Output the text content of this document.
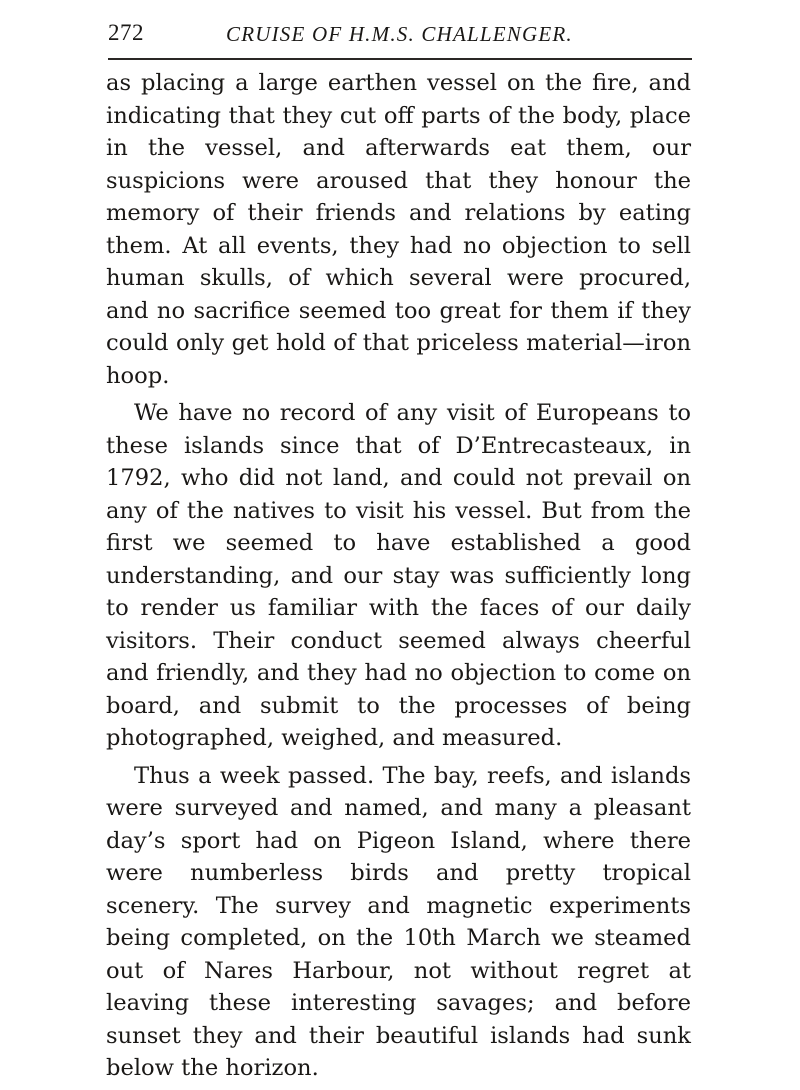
272	CRUISE OF H.M.S. CHALLENGER.

as placing a large earthen vessel on the fire, and indicating that they cut off parts of the body, place in the vessel, and afterwards eat them, our suspicions were aroused that they honour the memory of their friends and relations by eating them. At all events, they had no objection to sell human skulls, of which several were procured, and no sacrifice seemed too great for them if they could only get hold of that priceless material—iron hoop.

We have no record of any visit of Europeans to these islands since that of D’Entrecasteaux, in 1792, who did not land, and could not prevail on any of the natives to visit his vessel. But from the first we seemed to have established a good understanding, and our stay was sufficiently long to render us familiar with the faces of our daily visitors. Their conduct seemed always cheerful and friendly, and they had no objection to come on board, and submit to the processes of being photographed, weighed, and measured.

Thus a week passed. The bay, reefs, and islands were surveyed and named, and many a pleasant day’s sport had on Pigeon Island, where there were numberless birds and pretty tropical scenery. The survey and magnetic experiments being completed, on the 10th March we steamed out of Nares Harbour, not without regret at leaving these interesting savages; and before sunset they and their beautiful islands had sunk below the horizon.
